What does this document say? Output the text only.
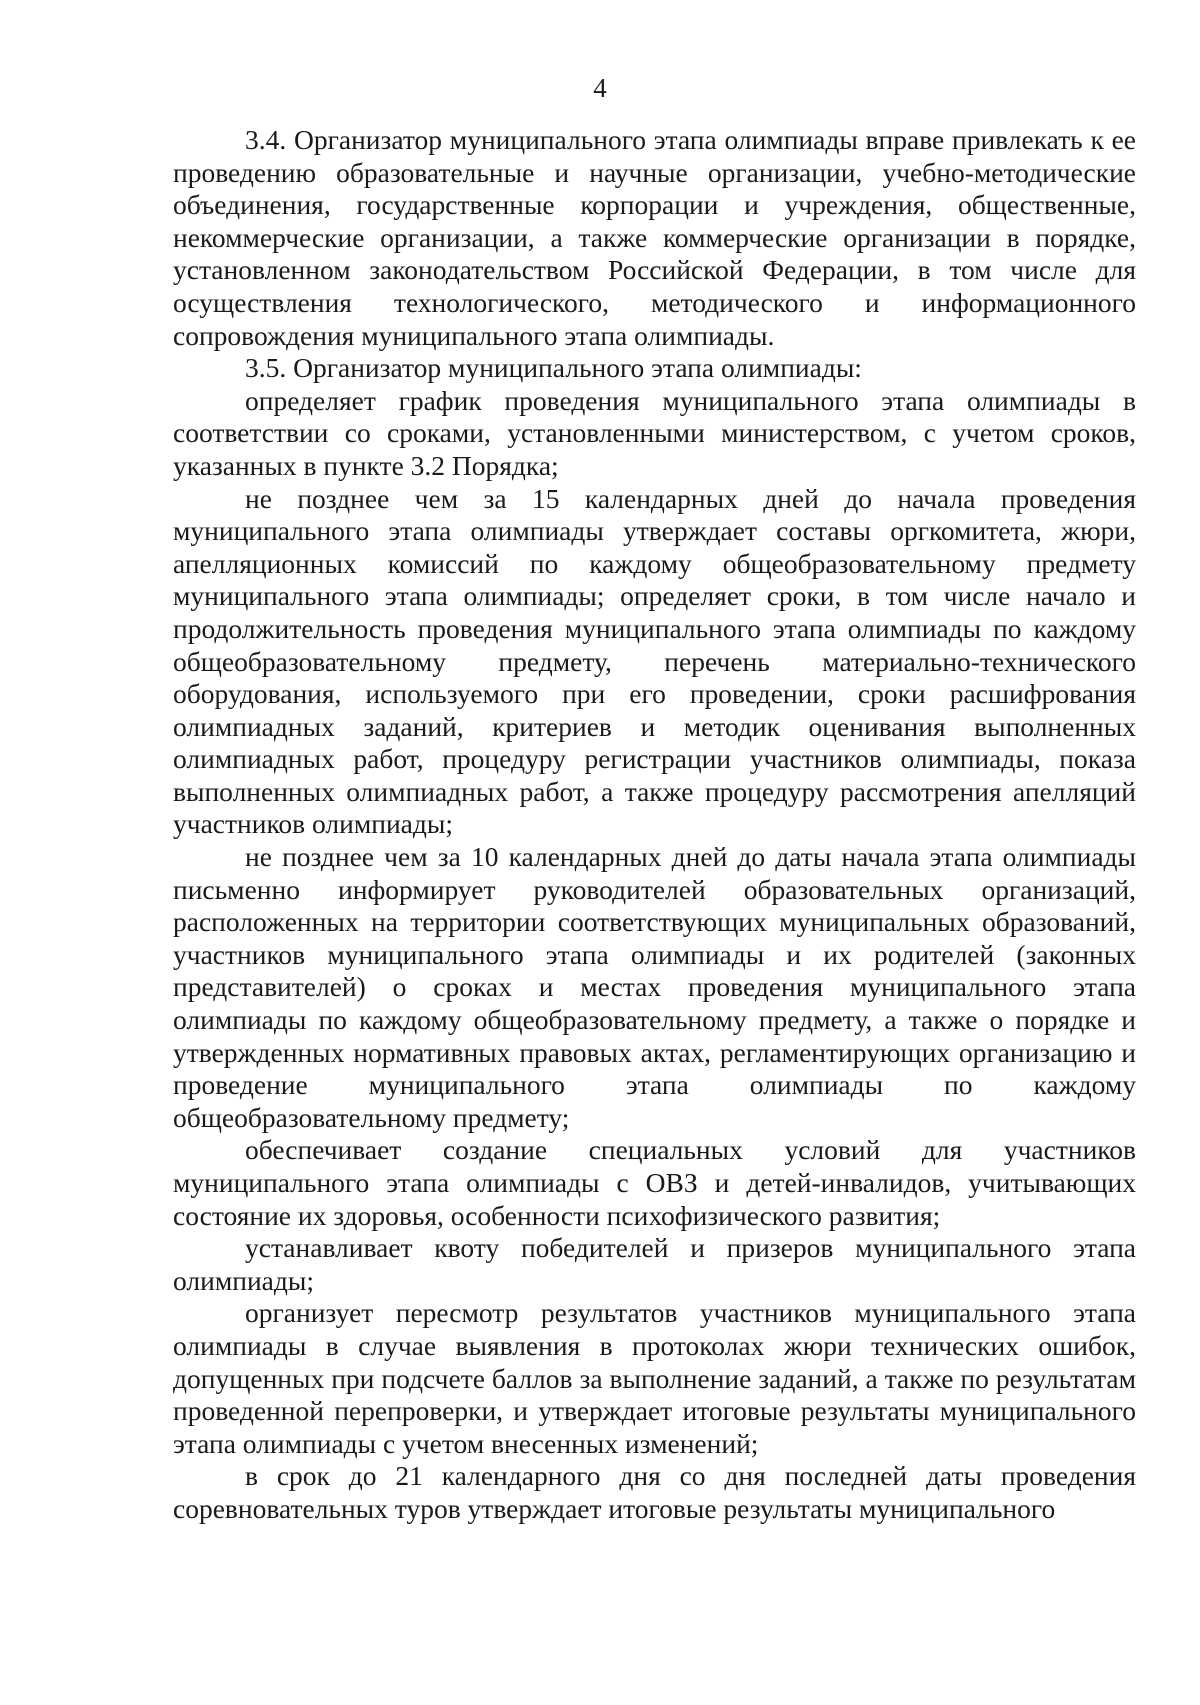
4

3.4. Организатор муниципального этапа олимпиады вправе привлекать к ее проведению образовательные и научные организации, учебно-методические объединения, государственные корпорации и учреждения, общественные, некоммерческие организации, а также коммерческие организации в порядке, установленном законодательством Российской Федерации, в том числе для осуществления технологического, методического и информационного сопровождения муниципального этапа олимпиады.

3.5. Организатор муниципального этапа олимпиады:

определяет график проведения муниципального этапа олимпиады в соответствии со сроками, установленными министерством, с учетом сроков, указанных в пункте 3.2 Порядка;

не позднее чем за 15 календарных дней до начала проведения муниципального этапа олимпиады утверждает составы оргкомитета, жюри, апелляционных комиссий по каждому общеобразовательному предмету муниципального этапа олимпиады; определяет сроки, в том числе начало и продолжительность проведения муниципального этапа олимпиады по каждому общеобразовательному предмету, перечень материально-технического оборудования, используемого при его проведении, сроки расшифрования олимпиадных заданий, критериев и методик оценивания выполненных олимпиадных работ, процедуру регистрации участников олимпиады, показа выполненных олимпиадных работ, а также процедуру рассмотрения апелляций участников олимпиады;

не позднее чем за 10 календарных дней до даты начала этапа олимпиады письменно информирует руководителей образовательных организаций, расположенных на территории соответствующих муниципальных образований, участников муниципального этапа олимпиады и их родителей (законных представителей) о сроках и местах проведения муниципального этапа олимпиады по каждому общеобразовательному предмету, а также о порядке и утвержденных нормативных правовых актах, регламентирующих организацию и проведение муниципального этапа олимпиады по каждому общеобразовательному предмету;

обеспечивает создание специальных условий для участников муниципального этапа олимпиады с ОВЗ и детей-инвалидов, учитывающих состояние их здоровья, особенности психофизического развития;

устанавливает квоту победителей и призеров муниципального этапа олимпиады;

организует пересмотр результатов участников муниципального этапа олимпиады в случае выявления в протоколах жюри технических ошибок, допущенных при подсчете баллов за выполнение заданий, а также по результатам проведенной перепроверки, и утверждает итоговые результаты муниципального этапа олимпиады с учетом внесенных изменений;

в срок до 21 календарного дня со дня последней даты проведения соревновательных туров утверждает итоговые результаты муниципального
